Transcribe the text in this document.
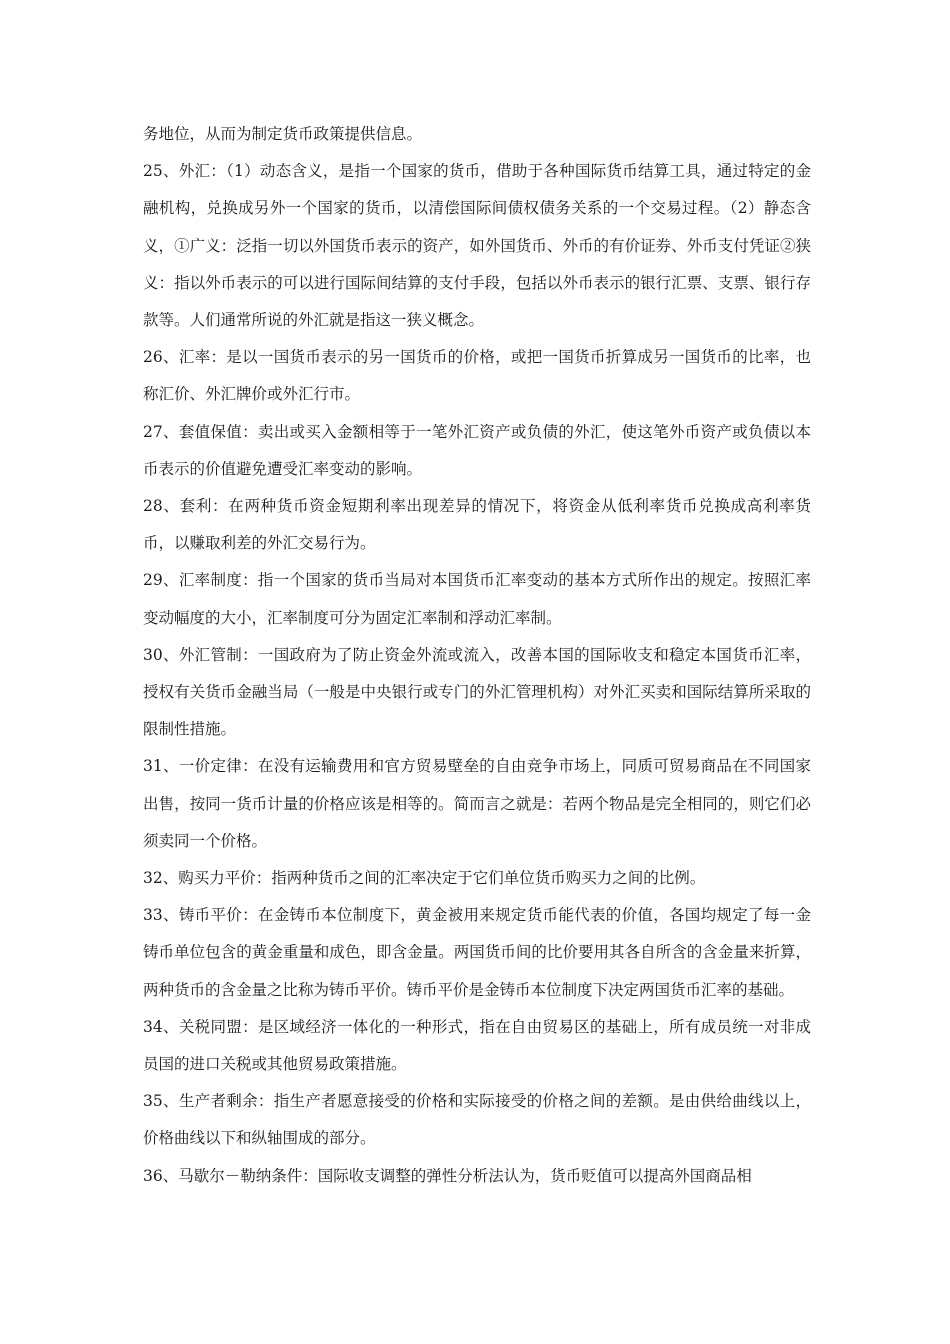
务地位，从而为制定货币政策提供信息。

25、外汇：（1）动态含义，是指一个国家的货币，借助于各种国际货币结算工具，通过特定的金融机构，兑换成另外一个国家的货币，以清偿国际间债权债务关系的一个交易过程。（2）静态含义，①广义：泛指一切以外国货币表示的资产，如外国货币、外币的有价证券、外币支付凭证②狭义：指以外币表示的可以进行国际间结算的支付手段，包括以外币表示的银行汇票、支票、银行存款等。人们通常所说的外汇就是指这一狭义概念。

26、汇率：是以一国货币表示的另一国货币的价格，或把一国货币折算成另一国货币的比率，也称汇价、外汇牌价或外汇行市。

27、套值保值：卖出或买入金额相等于一笔外汇资产或负债的外汇，使这笔外币资产或负债以本币表示的价值避免遭受汇率变动的影响。

28、套利：在两种货币资金短期利率出现差异的情况下，将资金从低利率货币兑换成高利率货币，以赚取利差的外汇交易行为。

29、汇率制度：指一个国家的货币当局对本国货币汇率变动的基本方式所作出的规定。按照汇率变动幅度的大小，汇率制度可分为固定汇率制和浮动汇率制。

30、外汇管制：一国政府为了防止资金外流或流入，改善本国的国际收支和稳定本国货币汇率，授权有关货币金融当局（一般是中央银行或专门的外汇管理机构）对外汇买卖和国际结算所采取的限制性措施。

31、一价定律：在没有运输费用和官方贸易壁垒的自由竞争市场上，同质可贸易商品在不同国家出售，按同一货币计量的价格应该是相等的。简而言之就是：若两个物品是完全相同的，则它们必须卖同一个价格。

32、购买力平价：指两种货币之间的汇率决定于它们单位货币购买力之间的比例。

33、铸币平价：在金铸币本位制度下，黄金被用来规定货币能代表的价值，各国均规定了每一金铸币单位包含的黄金重量和成色，即含金量。两国货币间的比价要用其各自所含的含金量来折算，两种货币的含金量之比称为铸币平价。铸币平价是金铸币本位制度下决定两国货币汇率的基础。

34、关税同盟：是区域经济一体化的一种形式，指在自由贸易区的基础上，所有成员统一对非成员国的进口关税或其他贸易政策措施。

35、生产者剩余：指生产者愿意接受的价格和实际接受的价格之间的差额。是由供给曲线以上，价格曲线以下和纵轴围成的部分。

36、马歇尔－勒纳条件：国际收支调整的弹性分析法认为，货币贬值可以提高外国商品相
